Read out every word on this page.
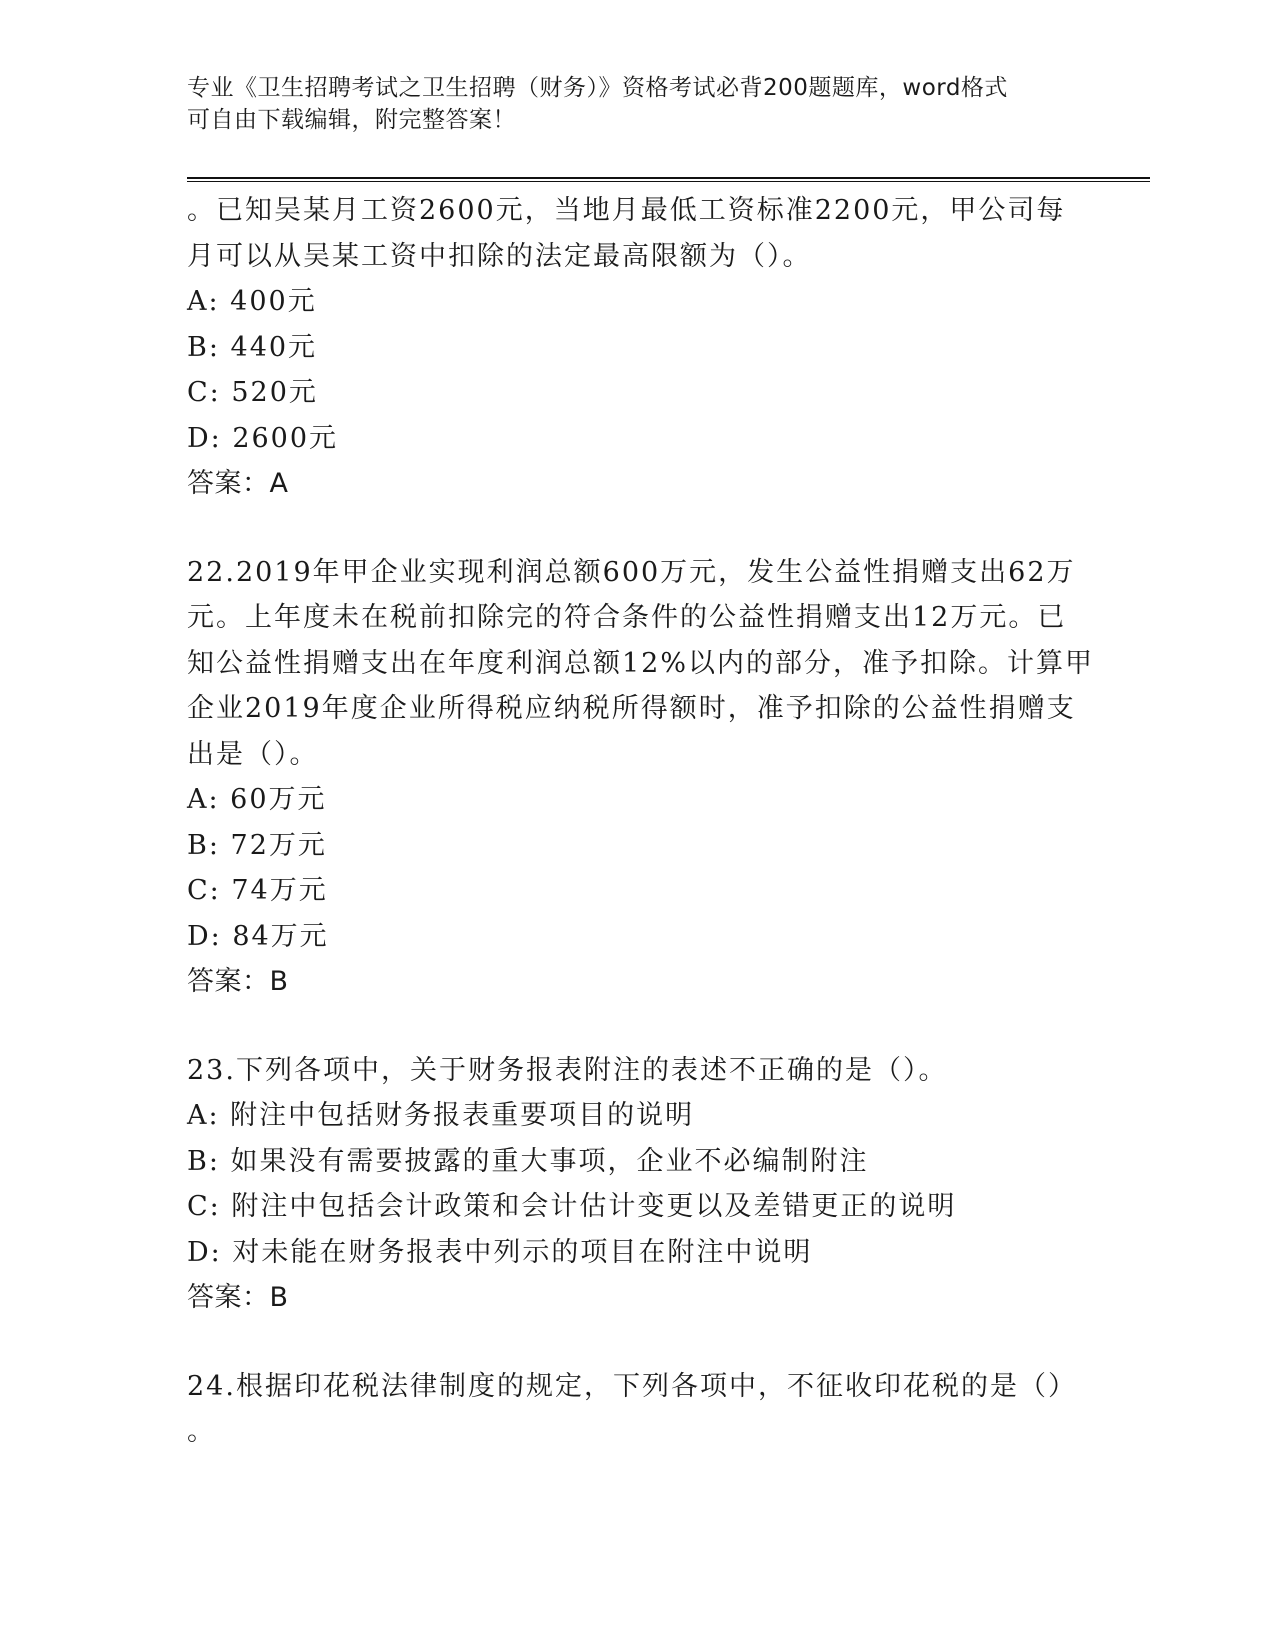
专业《卫生招聘考试之卫生招聘（财务）》资格考试必背200题题库，word格式
可自由下载编辑，附完整答案！
。已知吴某月工资2600元，当地月最低工资标准2200元，甲公司每
月可以从吴某工资中扣除的法定最高限额为（）。
A: 400元
B: 440元
C: 520元
D: 2600元
答案：A
22.2019年甲企业实现利润总额600万元，发生公益性捐赠支出62万
元。上年度未在税前扣除完的符合条件的公益性捐赠支出12万元。已
知公益性捐赠支出在年度利润总额12%以内的部分，准予扣除。计算甲
企业2019年度企业所得税应纳税所得额时，准予扣除的公益性捐赠支
出是（）。
A: 60万元
B: 72万元
C: 74万元
D: 84万元
答案：B
23.下列各项中，关于财务报表附注的表述不正确的是（）。
A: 附注中包括财务报表重要项目的说明
B: 如果没有需要披露的重大事项，企业不必编制附注
C: 附注中包括会计政策和会计估计变更以及差错更正的说明
D: 对未能在财务报表中列示的项目在附注中说明
答案：B
24.根据印花税法律制度的规定，下列各项中，不征收印花税的是（）
。
